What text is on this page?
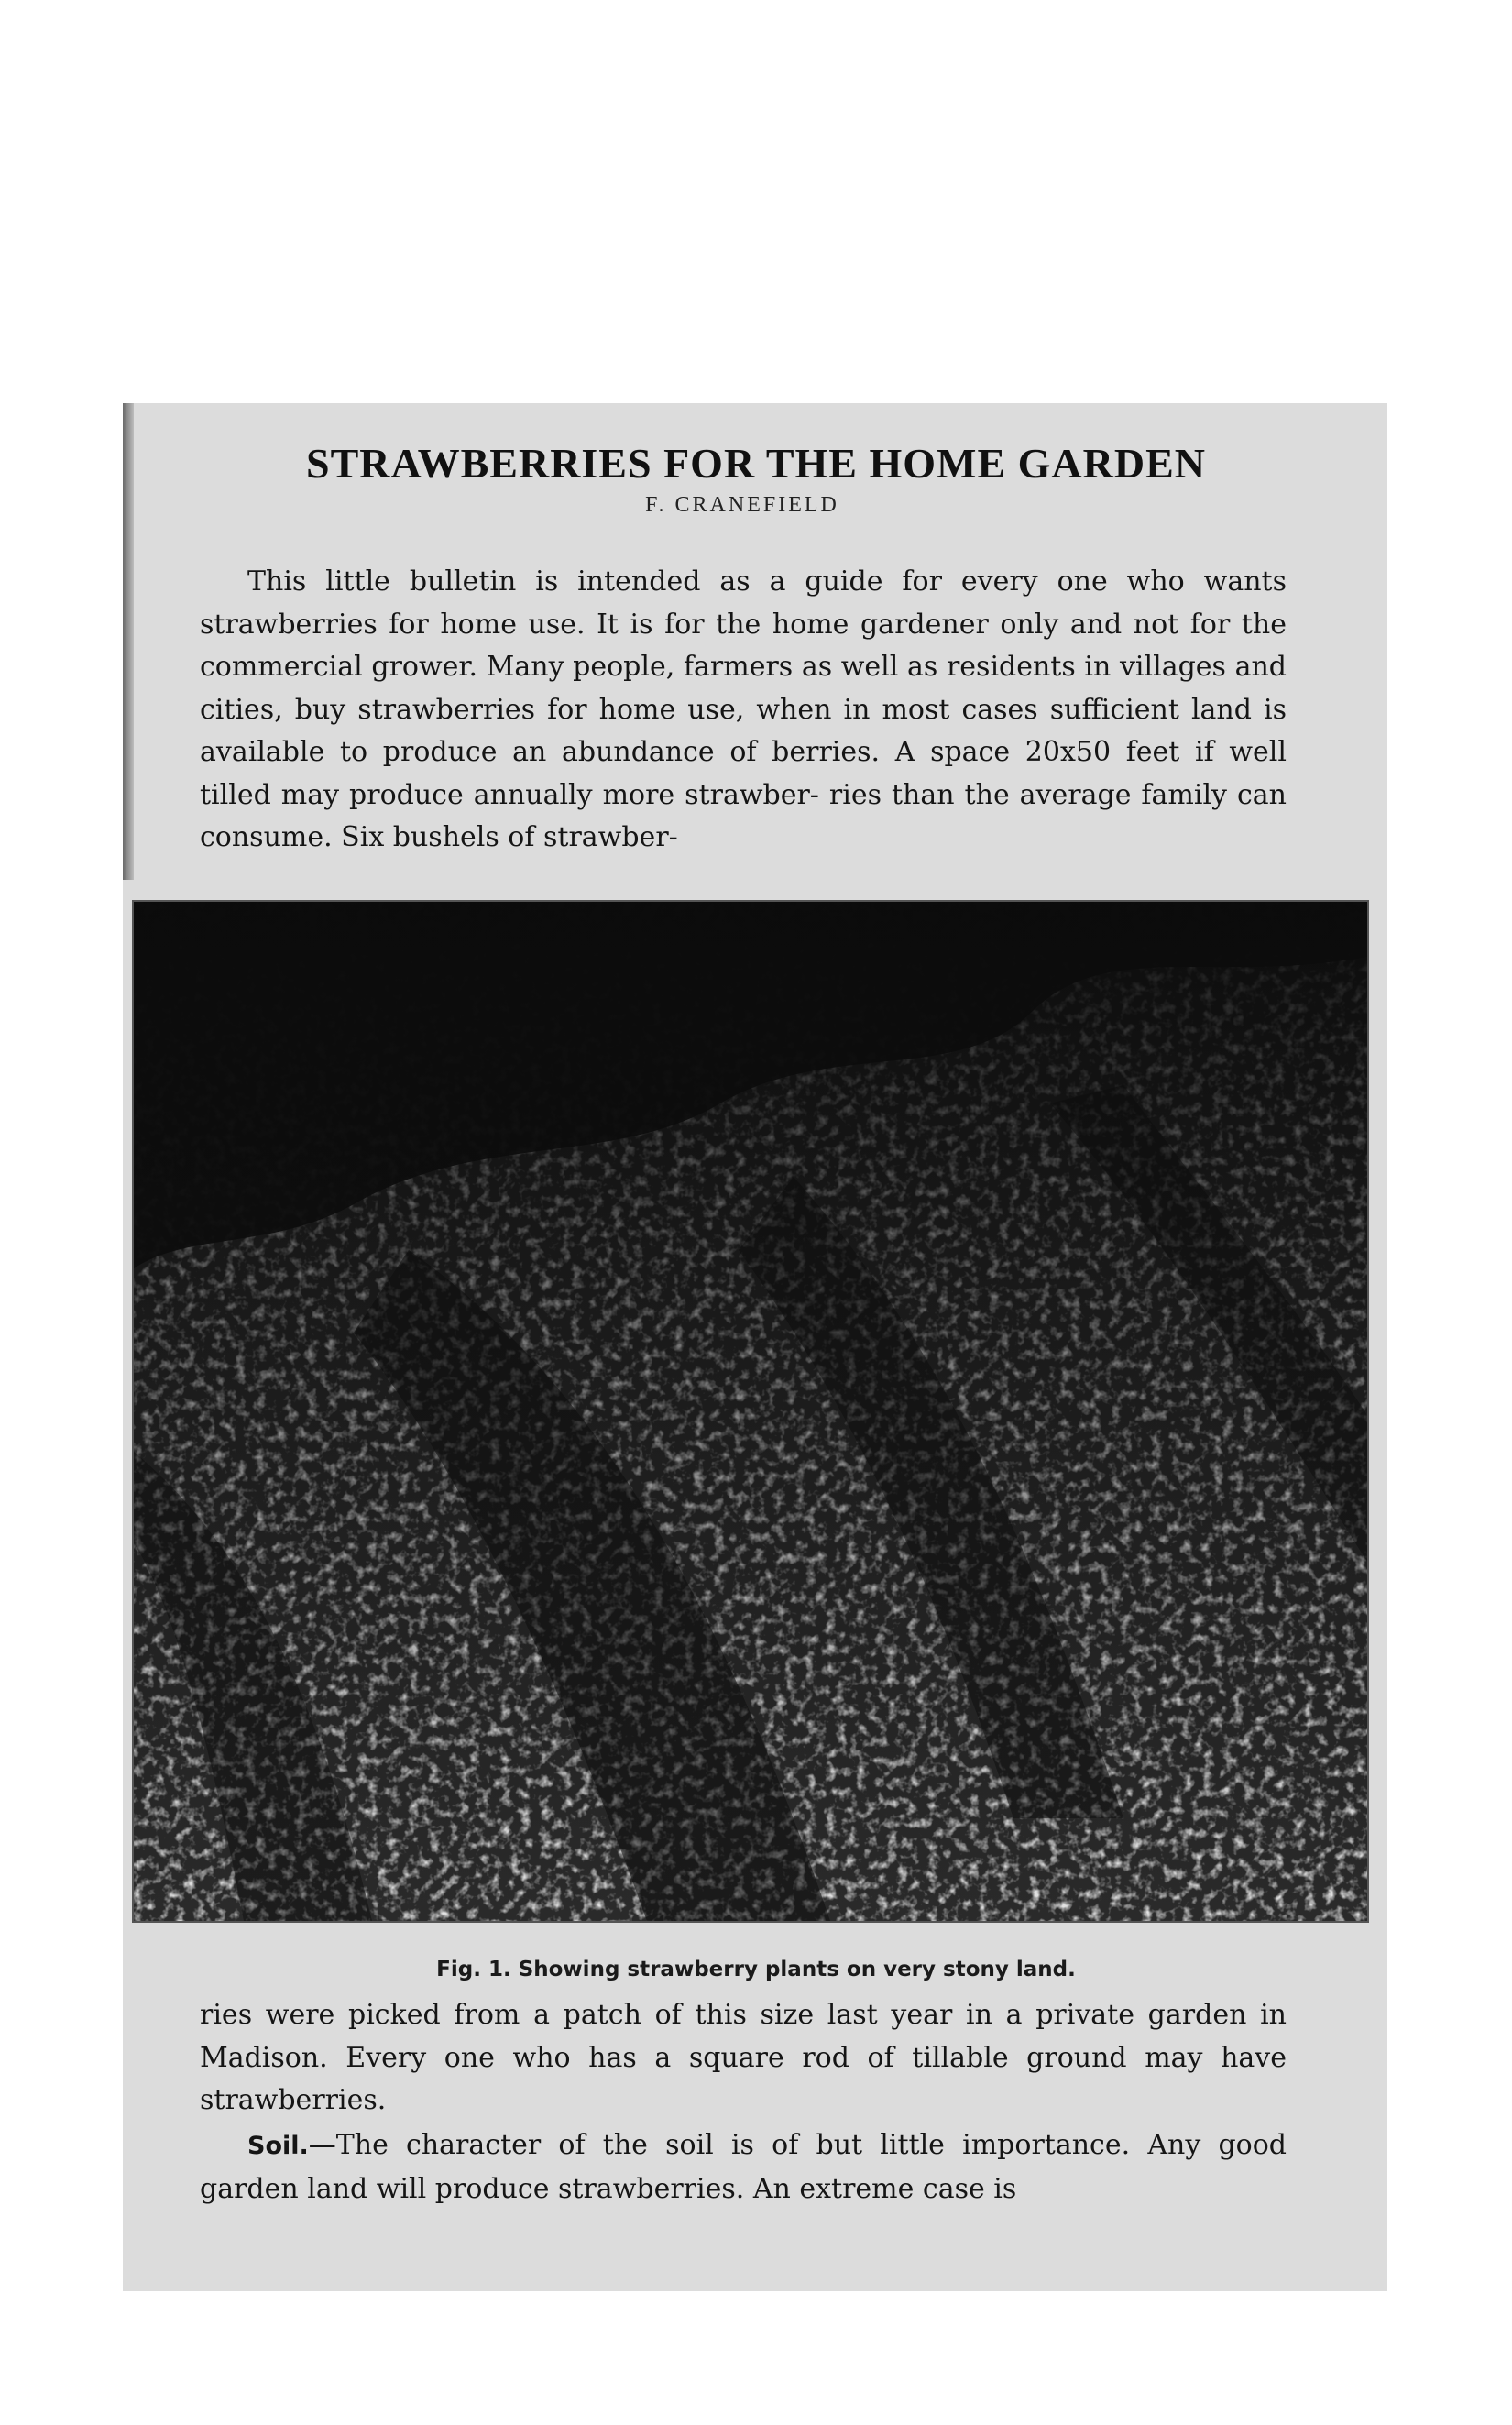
STRAWBERRIES FOR THE HOME GARDEN
F. CRANEFIELD

This little bulletin is intended as a guide for every one who wants strawberries for home use. It is for the home gardener only and not for the commercial grower. Many people, farmers as well as residents in villages and cities, buy strawberries for home use, when in most cases sufficient land is available to produce an abundance of berries. A space 20x50 feet if well tilled may produce annually more strawber- ries than the average family can consume. Six bushels of strawber-

Fig. 1. Showing strawberry plants on very stony land.

ries were picked from a patch of this size last year in a private garden in Madison. Every one who has a square rod of tillable ground may have strawberries.

Soil.—The character of the soil is of but little importance. Any good garden land will produce strawberries. An extreme case is
